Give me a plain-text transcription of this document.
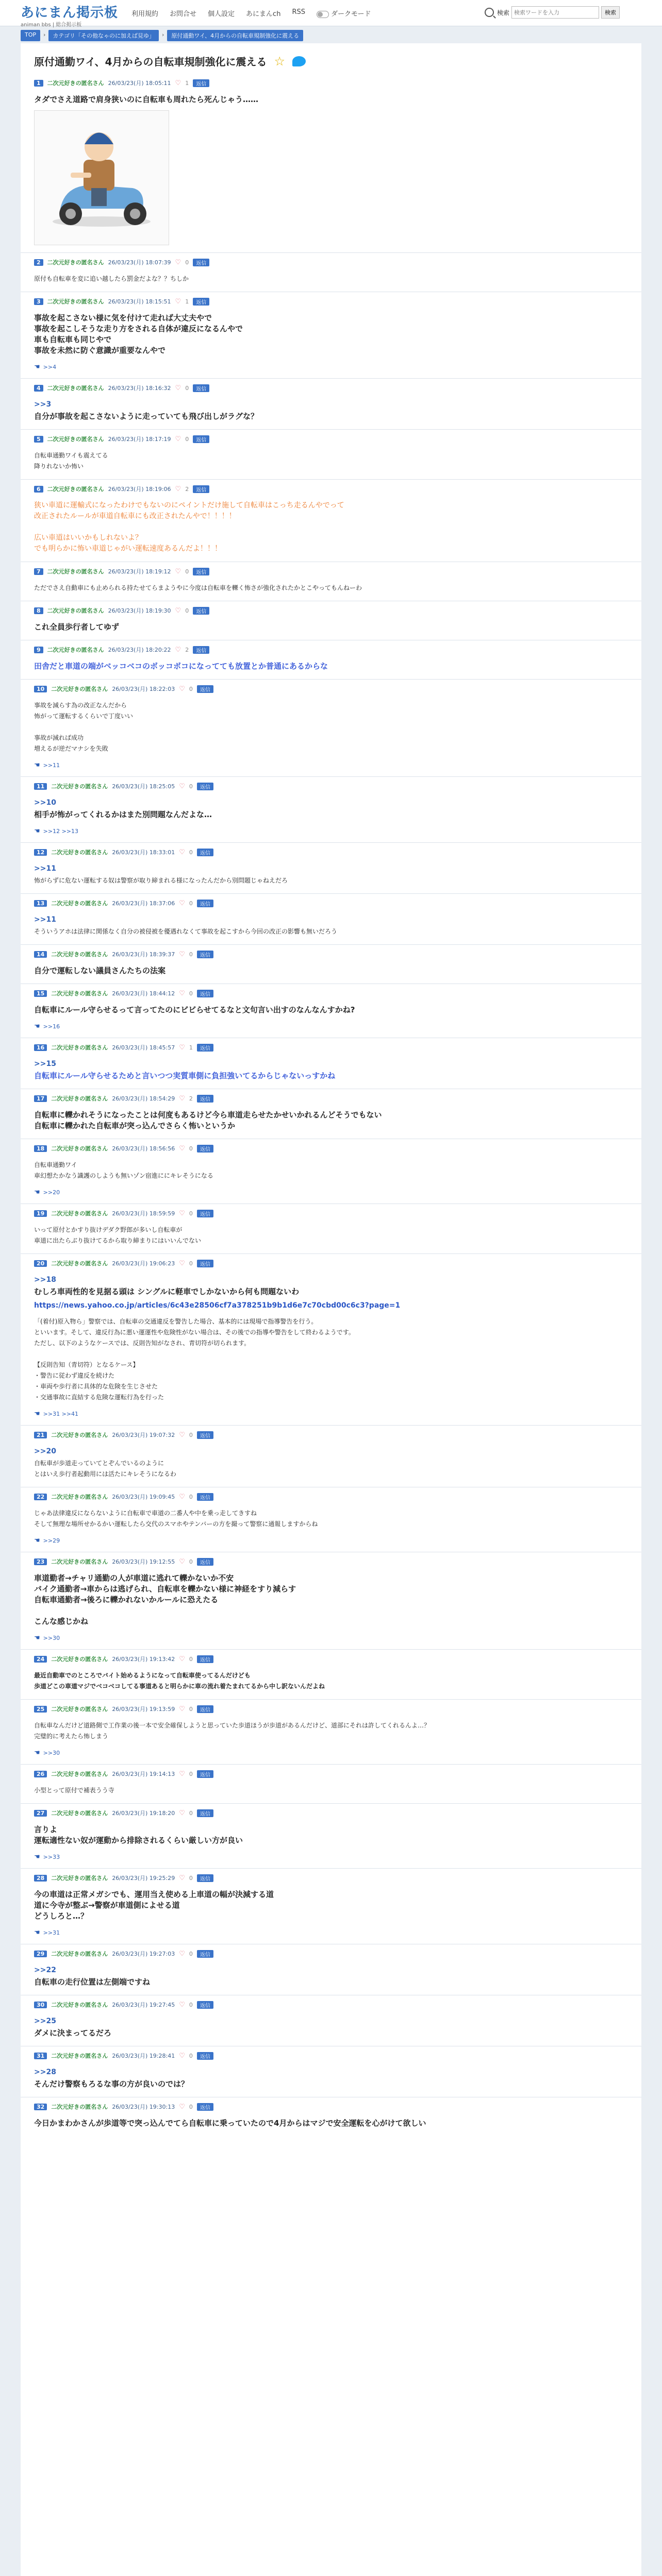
あにまん掲示板
animan bbs | 総合掲示板
利用規約 お問合せ 個人設定 あにまんch RSS	ダークモード	検索
検索ワードを入力	検索
TOP	›	カテゴリ「その他なゃのに加えば見ゆ」	›	原付通動ワイ、4月からの自転車規制強化に震える
原付通勤ワイ、4月からの自転車規制強化に震える ☆
1	二次元好きの匿名さん 26/03/23(月) 18:05:11 ♡ 1	返信
タダでさえ道路で肩身狭いのに自転車も周れたら死んじゃう……
2	二次元好きの匿名さん 26/03/23(月) 18:07:39 ♡ 0	返信
原付も自転車を変に追い越したら罰金だよな？？ちしか
3	二次元好きの匿名さん 26/03/23(月) 18:15:51 ♡ 1	返信
事故を起こさない様に気を付けて走れば大丈夫やで
事故を起こしそうな走り方をされる自体が違反になるんやで
車も自転車も同じやで
事故を未然に防ぐ意識が重要なんやで
☚ >>4
4	二次元好きの匿名さん 26/03/23(月) 18:16:32 ♡ 0	返信
>>3
自分が事故を起こさないように走っていても飛び出しがラグな？
5	二次元好きの匿名さん 26/03/23(月) 18:17:19 ♡ 0	返信
自転車通勤ワイも震えてる
降りれないか怖い
6	二次元好きの匿名さん 26/03/23(月) 18:19:06 ♡ 2	返信
狭い車道に運輸式になったわけでもないのにペイントだけ施して自転車はこっち走るんやでって
改正されたルールが車道自転車にも改正されたんやで！！！！

広い車道はいいかもしれないよ？
でも明らかに怖い車道じゃがい運転速度あるんだよ！！！
7	二次元好きの匿名さん 26/03/23(月) 18:19:12 ♡ 0	返信
ただでさえ自動車にも止められる持たせてらまようやに今度は自転車を轢く怖さが強化されたかとこやってもんねーわ
8	二次元好きの匿名さん 26/03/23(月) 18:19:30 ♡ 0	返信
これ全員歩行者してゆず
9	二次元好きの匿名さん 26/03/23(月) 18:20:22 ♡ 2	返信
田舎だと車道の端がベッコベコのボッコボコになってても放置とか普通にあるからな
10	二次元好きの匿名さん 26/03/23(月) 18:22:03 ♡ 0	返信
事故を減らす為の改正なんだから
怖がって運転するくらいで丁度いい

事故が減れば成功
増えるが逆だマナシを失敗
☚ >>11
11	二次元好きの匿名さん 26/03/23(月) 18:25:05 ♡ 0	返信
>>10
相手が怖がってくれるかはまた別問題なんだよな…
☚ >>12 >>13
12	二次元好きの匿名さん 26/03/23(月) 18:33:01 ♡ 0	返信
>>11
怖がらずに危ない運転する奴は警察が取り締まれる様になったんだから別問題じゃねえだろ
13	二次元好きの匿名さん 26/03/23(月) 18:37:06 ♡ 0	返信
>>11
そういうアホは法律に関係なく自分の被侵被を優遇れなくて事故を起こすから今回の改正の影響も無いだろう
14	二次元好きの匿名さん 26/03/23(月) 18:39:37 ♡ 0	返信
自分で運転しない議員さんたちの法案
15	二次元好きの匿名さん 26/03/23(月) 18:44:12 ♡ 0	返信
自転車にルール守らせるって言ってたのにビビらせてるなと文句言い出すのなんなんすかね?
☚ >>16
16	二次元好きの匿名さん 26/03/23(月) 18:45:57 ♡ 1	返信
>>15
自転車にルール守らせるためと言いつつ実質車側に負担強いてるからじゃないっすかね
17	二次元好きの匿名さん 26/03/23(月) 18:54:29 ♡ 2	返信
自転車に轢かれそうになったことは何度もあるけど今ら車道走らせたかせいかれるんどそうでもない
自転車に轢かれた自転車が突っ込んでさらく怖いというか
18	二次元好きの匿名さん 26/03/23(月) 18:56:56 ♡ 0	返信
自転車通勤ワイ
車幻想たかなう識護のしようも無いゾン宿進ににキレそうになる
☚ >>20
19	二次元好きの匿名さん 26/03/23(月) 18:59:59 ♡ 0	返信
いって原付とかすり抜けデダク野郎が多いし自転車が
車道に出たらぶり抜けてるから取り締まりにはいいんでない
20	二次元好きの匿名さん 26/03/23(月) 19:06:23 ♡ 0	返信
>>18
むしろ車両性的を見据る頭は シングルに軽車でしかないから何も問題ないわ
https://news.yahoo.co.jp/articles/6c43e28506cf7a378251b9b1d6e7c70cbd00c6c3?page=1
「(着付)原入物ら」警察では、自転車の交通違反を警告した場合、基本的には現場で指導警告を行う。
といいます。そして、違反行為に悪い運運性や危険性がない場合は、その後での指導や警告をして終わるようです。
ただし、以下のようなケースでは、反則告知がなされ、青切符が切られます。

【反則告知（青切符）となるケース】
・警告に従わず違反を続けた
・車両や歩行者に具体的な危険を生じさせた
・交通事故に直結する危険な運転行為を行った
☚ >>31 >>41
21	二次元好きの匿名さん 26/03/23(月) 19:07:32 ♡ 0	返信
>>20
自転車が歩道走っていてとぞんでいるのように
とはいえ歩行者起動用には活たにキレそうになるわ
22	二次元好きの匿名さん 26/03/23(月) 19:09:45 ♡ 0	返信
じゃあ法律違反にならないように自転車で車道の二番人や中を乗っ走してきすね
そして無理な場所せかるかい運転したら交代のスマホやテンバーの方を撮って警察に通報しますからね
☚ >>29
23	二次元好きの匿名さん 26/03/23(月) 19:12:55 ♡ 0	返信
車道勤者→チャリ通勤の人が車道に逃れて轢かないか不安
バイク通勤者→車からは逃げられ、自転車を轢かない様に神経をすり減らす
自転車通勤者→後ろに轢かれないかルールに恐えたる

こんな感じかね
☚ >>30
24	二次元好きの匿名さん 26/03/23(月) 19:13:42 ♡ 0	返信
最近自動車でのところでバイト始めるようになって自転車使ってるんだけども
歩道どこの車道マジでベコベコしてる事道あると明らかに車の流れ着たまれてるから中し訳ないんだよね
25	二次元好きの匿名さん 26/03/23(月) 19:13:59 ♡ 0	返信
自転車なんだけど道路側で工作業の後一本で安全確保しようと思っていた歩道ほうが歩道があるんだけど、道部にそれは許してくれるんよ…？
完璧的に考えたら怖しまう
☚ >>30
26	二次元好きの匿名さん 26/03/23(月) 19:14:13 ♡ 0	返信
小型とって原付で補表うう寺
27	二次元好きの匿名さん 26/03/23(月) 19:18:20 ♡ 0	返信
言りよ
運転適性ない奴が運動から排除されるくらい厳しい方が良い
☚ >>33
28	二次元好きの匿名さん 26/03/23(月) 19:25:29 ♡ 0	返信
今の車道は正常メガシでも、運用当え使める上車道の幅が決減する道
道に今寺が整ぶ→警察が車道側によせる道
どうしろと…？
☚ >>31
29	二次元好きの匿名さん 26/03/23(月) 19:27:03 ♡ 0	返信
>>22
自転車の走行位置は左側端ですね
30	二次元好きの匿名さん 26/03/23(月) 19:27:45 ♡ 0	返信
>>25
ダメに決まってるだろ
31	二次元好きの匿名さん 26/03/23(月) 19:28:41 ♡ 0	返信
>>28
そんだけ警察もろるな事の方が良いのでは？
32	二次元好きの匿名さん 26/03/23(月) 19:30:13 ♡ 0	返信
今日かまわかさんが歩道等で突っ込んでてら自転車に乗っていたので4月からはマジで安全運転を心がけて欲しい
